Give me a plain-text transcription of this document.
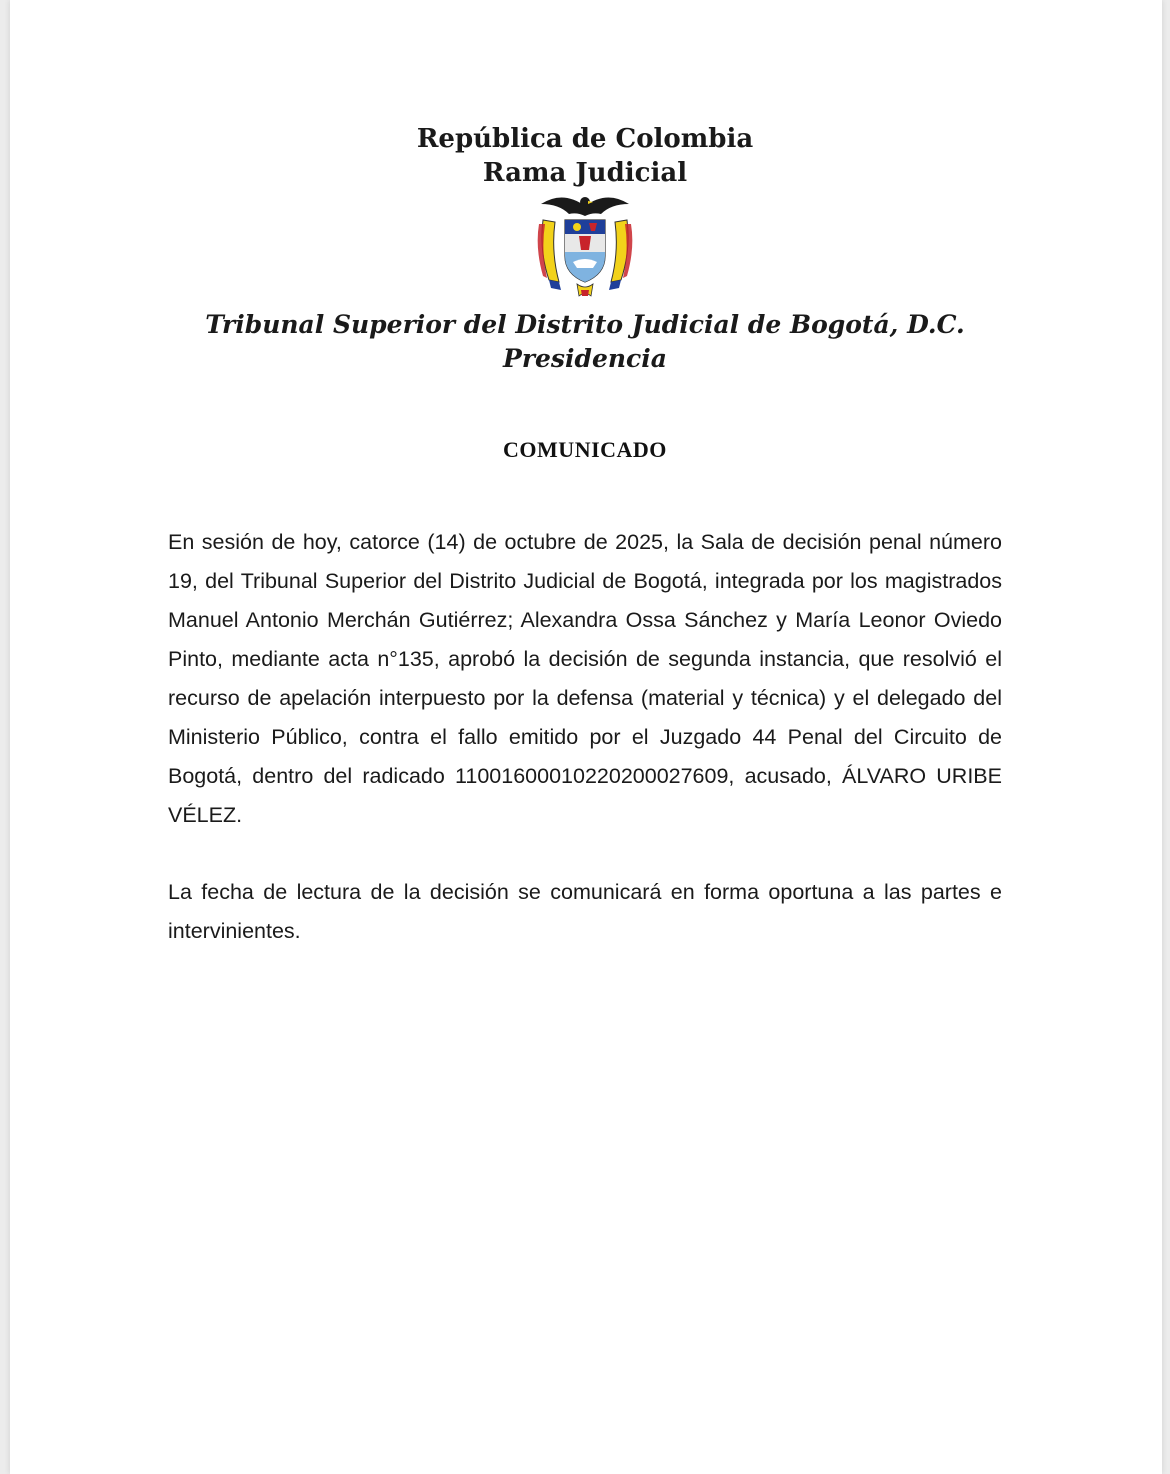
República de Colombia
Rama Judicial
Tribunal Superior del Distrito Judicial de Bogotá, D.C.
Presidencia
COMUNICADO
En sesión de hoy, catorce (14) de octubre de 2025, la Sala de decisión penal número 19, del Tribunal Superior del Distrito Judicial de Bogotá, integrada por los magistrados Manuel Antonio Merchán Gutiérrez; Alexandra Ossa Sánchez y María Leonor Oviedo Pinto, mediante acta n°135, aprobó la decisión de segunda instancia, que resolvió el recurso de apelación interpuesto por la defensa (material y técnica) y el delegado del Ministerio Público, contra el fallo emitido por el Juzgado 44 Penal del Circuito de Bogotá, dentro del radicado 11001600010220200027609, acusado, ÁLVARO URIBE VÉLEZ.
La fecha de lectura de la decisión se comunicará en forma oportuna a las partes e intervinientes.
